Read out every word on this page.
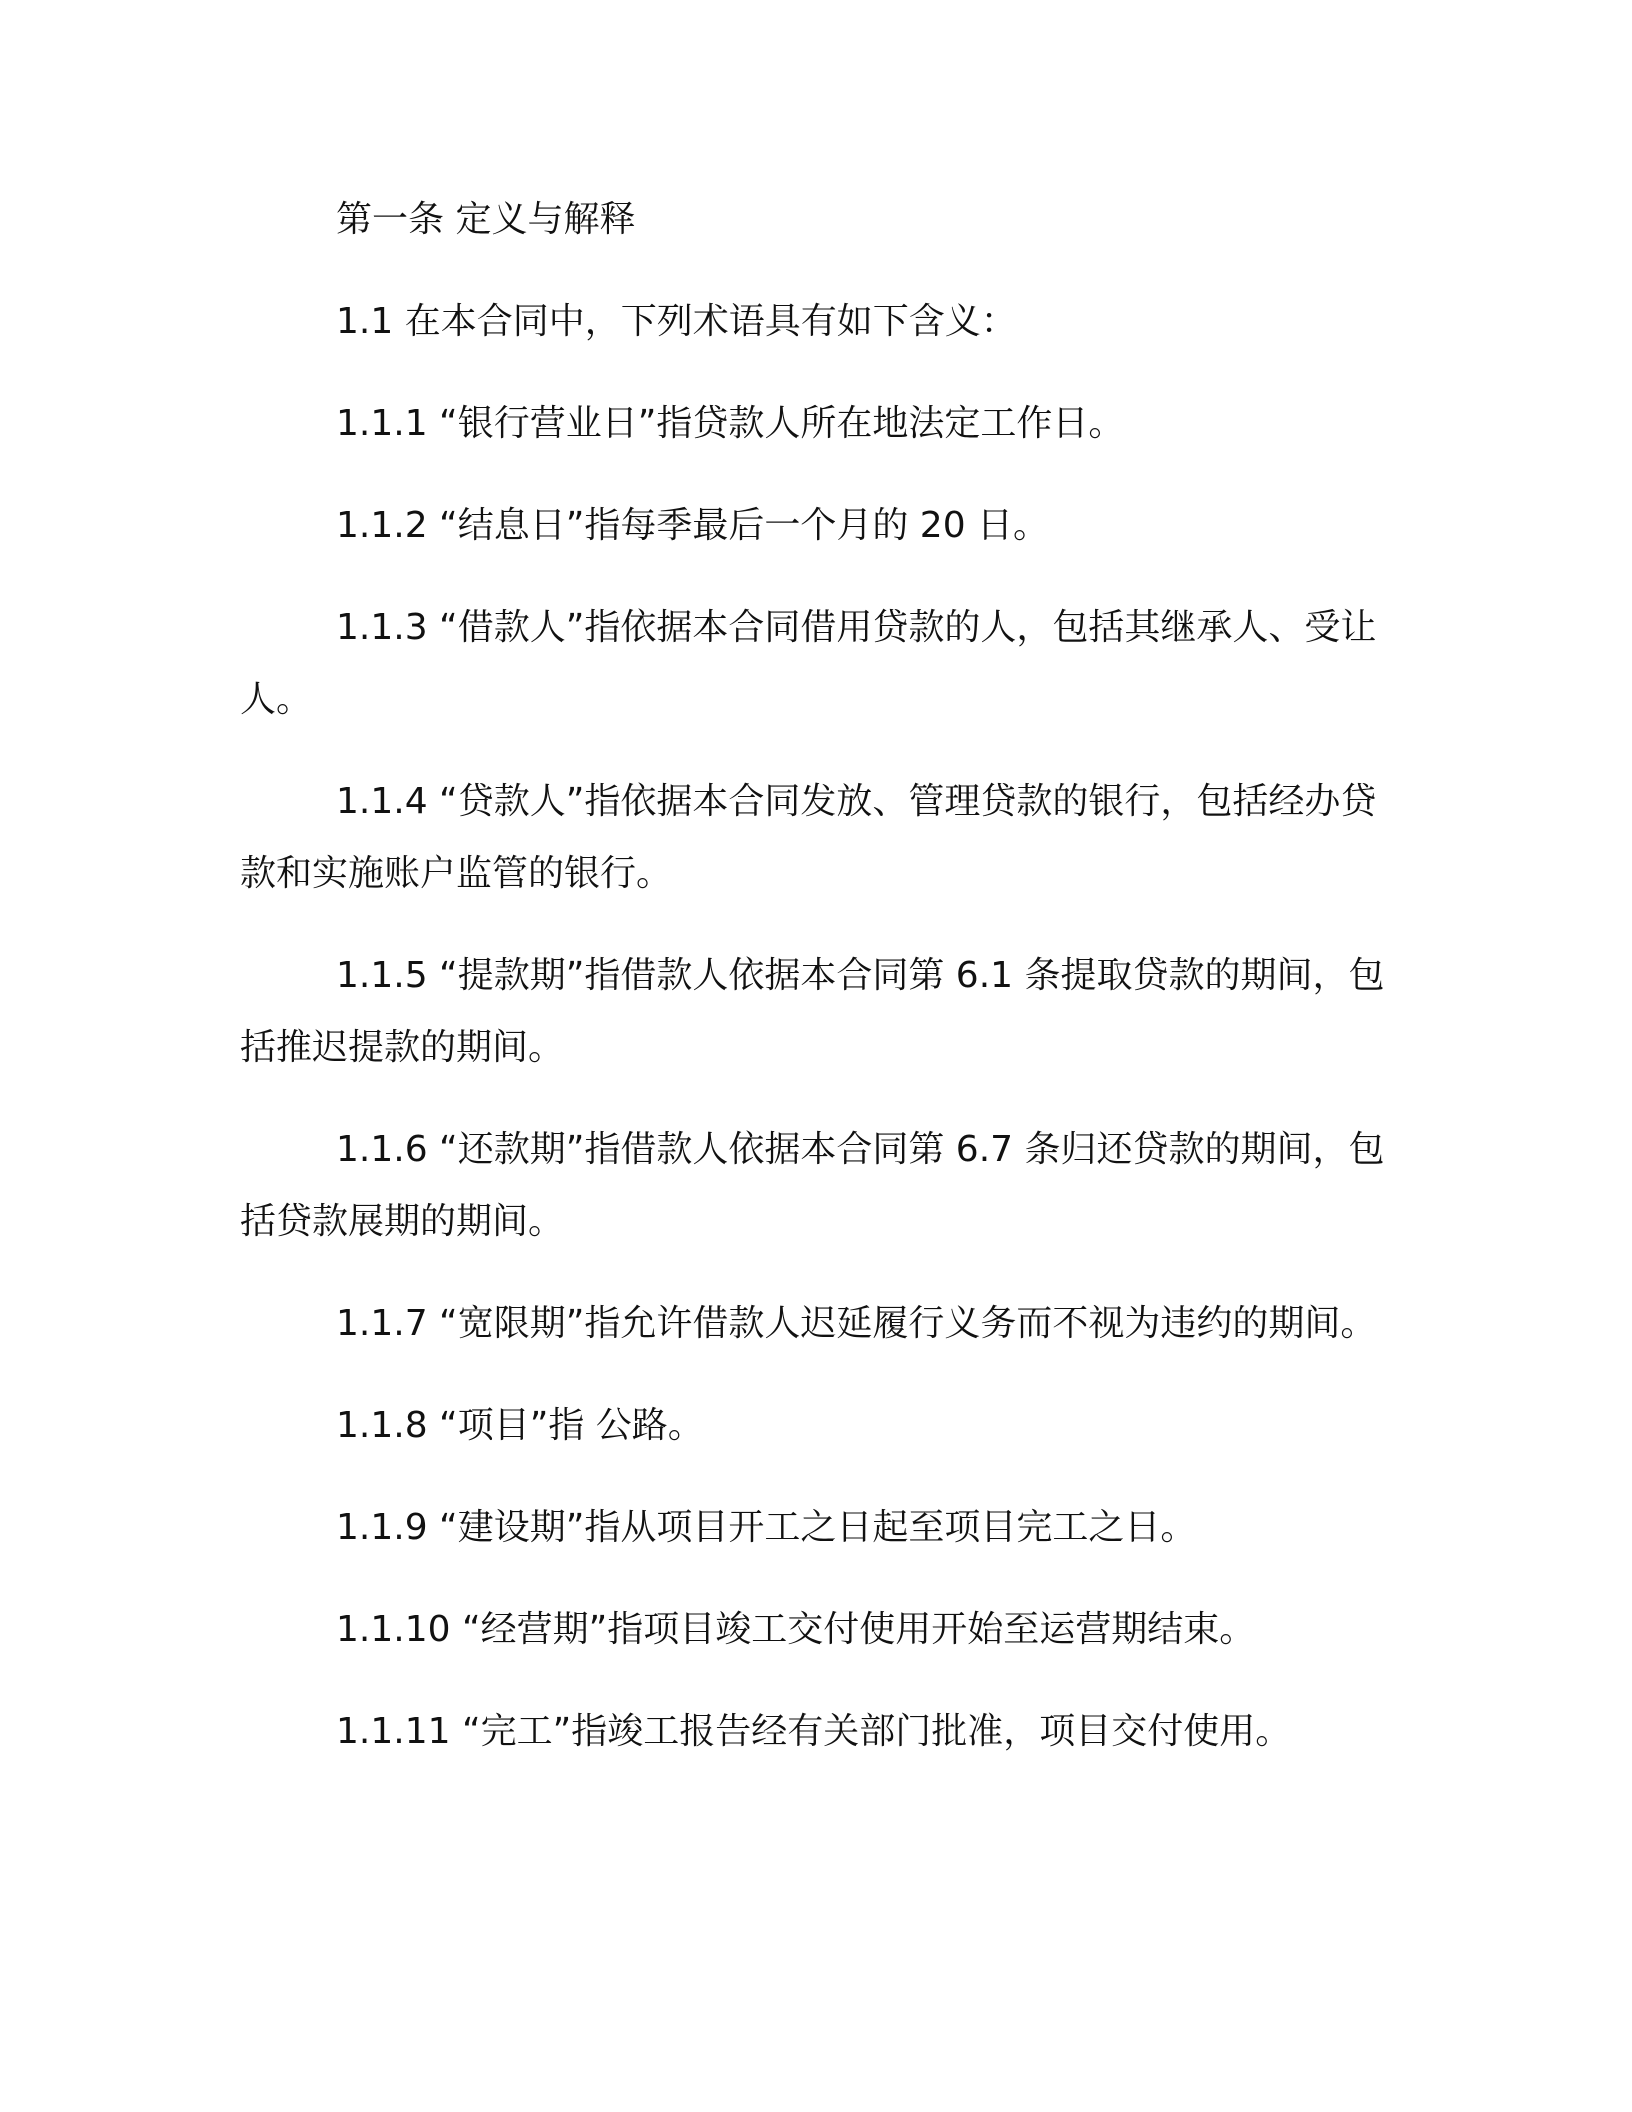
第一条 定义与解释

1.1 在本合同中，下列术语具有如下含义：

1.1.1 “银行营业日”指贷款人所在地法定工作日。

1.1.2 “结息日”指每季最后一个月的 20 日。

1.1.3 “借款人”指依据本合同借用贷款的人，包括其继承人、受让人。

1.1.4 “贷款人”指依据本合同发放、管理贷款的银行，包括经办贷款和实施账户监管的银行。

1.1.5 “提款期”指借款人依据本合同第 6.1 条提取贷款的期间，包括推迟提款的期间。

1.1.6 “还款期”指借款人依据本合同第 6.7 条归还贷款的期间，包括贷款展期的期间。

1.1.7 “宽限期”指允许借款人迟延履行义务而不视为违约的期间。

1.1.8 “项目”指 公路。

1.1.9 “建设期”指从项目开工之日起至项目完工之日。

1.1.10 “经营期”指项目竣工交付使用开始至运营期结束。

1.1.11 “完工”指竣工报告经有关部门批准，项目交付使用。
